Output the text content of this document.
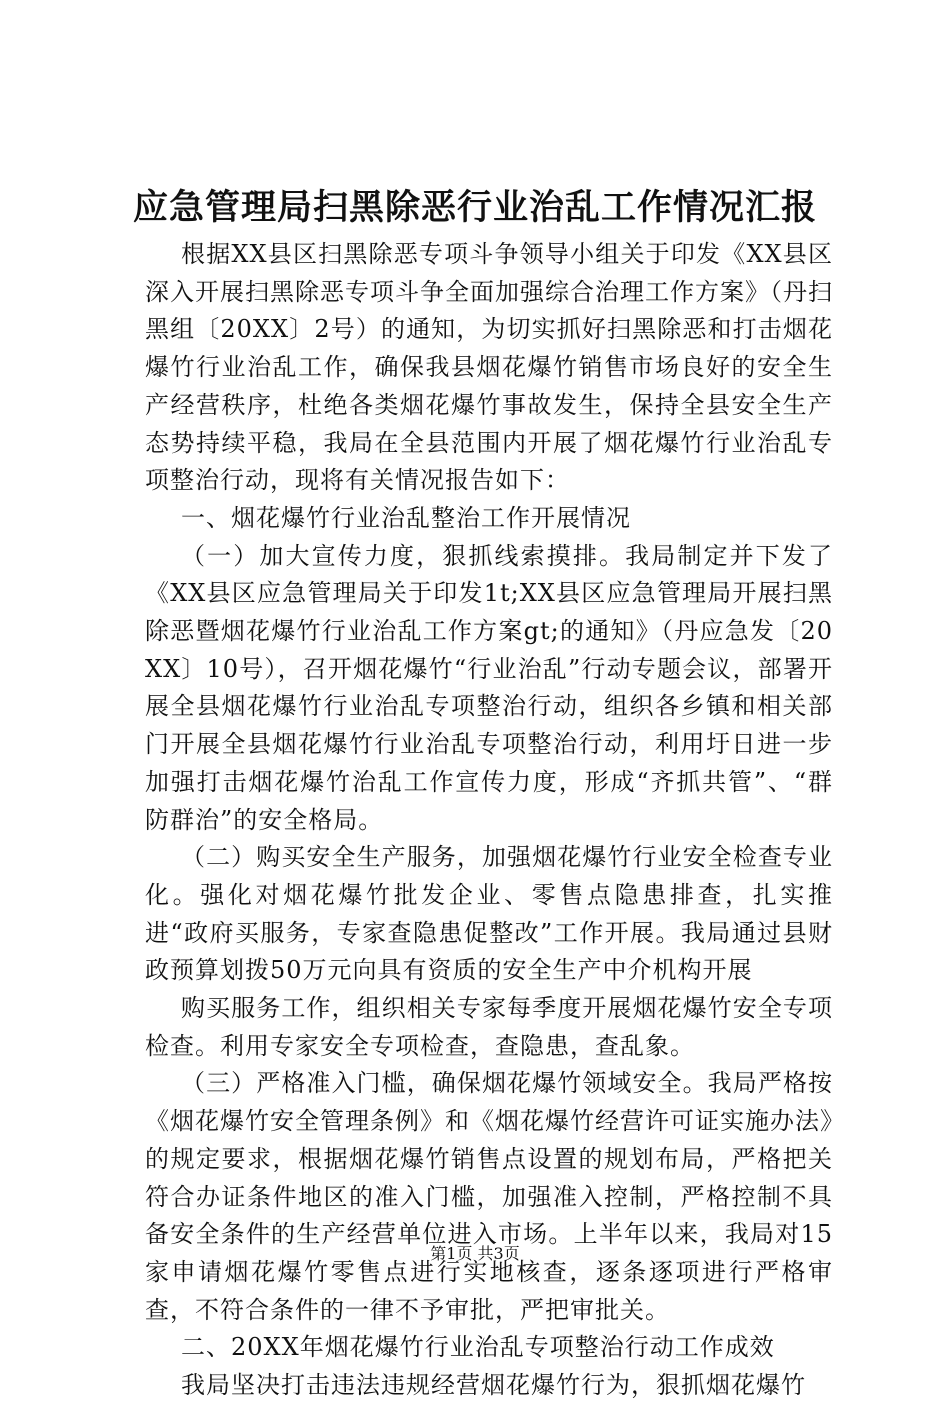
应急管理局扫黑除恶行业治乱工作情况汇报

根据XX县区扫黑除恶专项斗争领导小组关于印发《XX县区深入开展扫黑除恶专项斗争全面加强综合治理工作方案》（丹扫黑组〔20XX〕2号）的通知，为切实抓好扫黑除恶和打击烟花爆竹行业治乱工作，确保我县烟花爆竹销售市场良好的安全生产经营秩序，杜绝各类烟花爆竹事故发生，保持全县安全生产态势持续平稳，我局在全县范围内开展了烟花爆竹行业治乱专项整治行动，现将有关情况报告如下：

一、烟花爆竹行业治乱整治工作开展情况

（一）加大宣传力度，狠抓线索摸排。我局制定并下发了《XX县区应急管理局关于印发1t;XX县区应急管理局开展扫黑除恶暨烟花爆竹行业治乱工作方案gt;的通知》（丹应急发〔20XX〕10号），召开烟花爆竹“行业治乱”行动专题会议，部署开展全县烟花爆竹行业治乱专项整治行动，组织各乡镇和相关部门开展全县烟花爆竹行业治乱专项整治行动，利用圩日进一步加强打击烟花爆竹治乱工作宣传力度，形成“齐抓共管”、“群防群治”的安全格局。

（二）购买安全生产服务，加强烟花爆竹行业安全检查专业化。强化对烟花爆竹批发企业、零售点隐患排查，扎实推进“政府买服务，专家查隐患促整改”工作开展。我局通过县财政预算划拨50万元向具有资质的安全生产中介机构开展

购买服务工作，组织相关专家每季度开展烟花爆竹安全专项检查。利用专家安全专项检查，查隐患，查乱象。

（三）严格准入门槛，确保烟花爆竹领域安全。我局严格按《烟花爆竹安全管理条例》和《烟花爆竹经营许可证实施办法》的规定要求，根据烟花爆竹销售点设置的规划布局，严格把关符合办证条件地区的准入门槛，加强准入控制，严格控制不具备安全条件的生产经营单位进入市场。上半年以来，我局对15家申请烟花爆竹零售点进行实地核查，逐条逐项进行严格审查，不符合条件的一律不予审批，严把审批关。

二、20XX年烟花爆竹行业治乱专项整治行动工作成效

我局坚决打击违法违规经营烟花爆竹行为，狠抓烟花爆竹

第1页 共3页
